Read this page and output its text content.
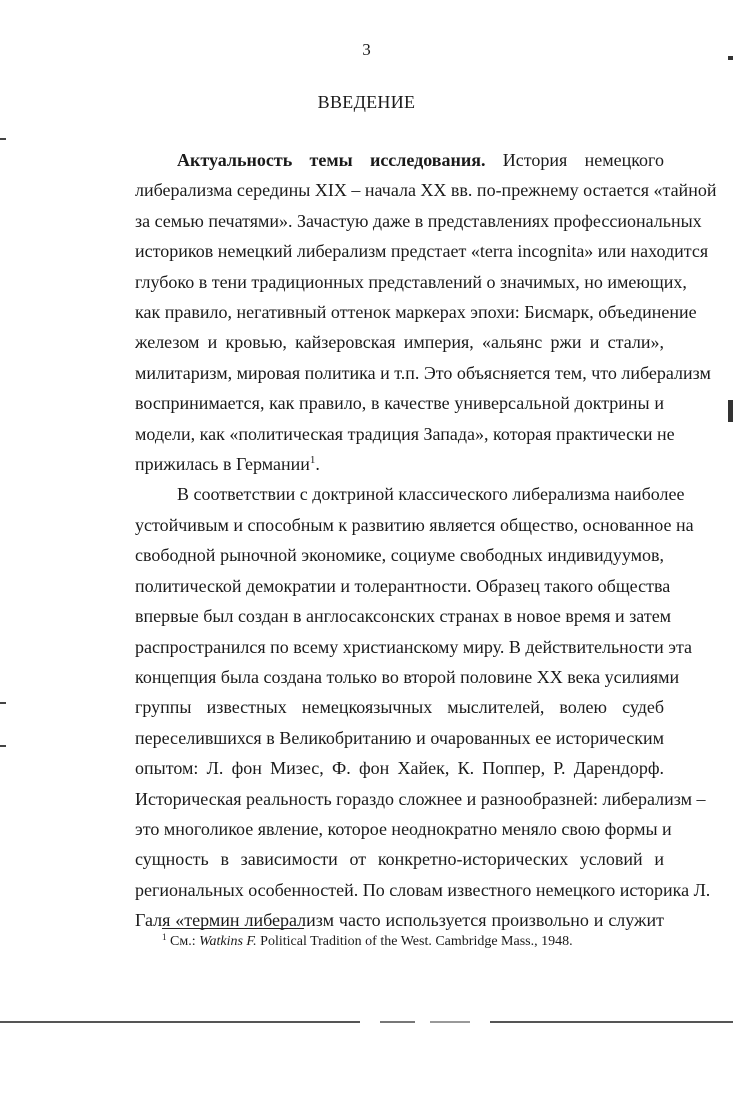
3
ВВЕДЕНИЕ
Актуальность темы исследования. История немецкого
либерализма середины XIX – начала XX вв. по-прежнему остается «тайной
за семью печатями». Зачастую даже в представлениях профессиональных
историков немецкий либерализм предстает «terra incognita» или находится
глубоко в тени традиционных представлений о значимых, но имеющих,
как правило, негативный оттенок маркерах эпохи: Бисмарк, объединение
железом и кровью, кайзеровская империя, «альянс ржи и стали»,
милитаризм, мировая политика и т.п. Это объясняется тем, что либерализм
воспринимается, как правило, в качестве универсальной доктрины и
модели, как «политическая традиция Запада», которая практически не
прижилась в Германии$^1$.
В соответствии с доктриной классического либерализма наиболее
устойчивым и способным к развитию является общество, основанное на
свободной рыночной экономике, социуме свободных индивидуумов,
политической демократии и толерантности. Образец такого общества
впервые был создан в англосаксонских странах в новое время и затем
распространился по всему христианскому миру. В действительности эта
концепция была создана только во второй половине XX века усилиями
группы известных немецкоязычных мыслителей, волею судеб
переселившихся в Великобританию и очарованных ее историческим
опытом: Л. фон Мизес, Ф. фон Хайек, К. Поппер, Р. Дарендорф.
Историческая реальность гораздо сложнее и разнообразней: либерализм –
это многоликое явление, которое неоднократно меняло свою формы и
сущность в зависимости от конкретно-исторических условий и
региональных особенностей. По словам известного немецкого историка Л.
Галя «термин либерализм часто используется произвольно и служит
$^1$ См.: Watkins F. Political Tradition of the West. Cambridge Mass., 1948.
